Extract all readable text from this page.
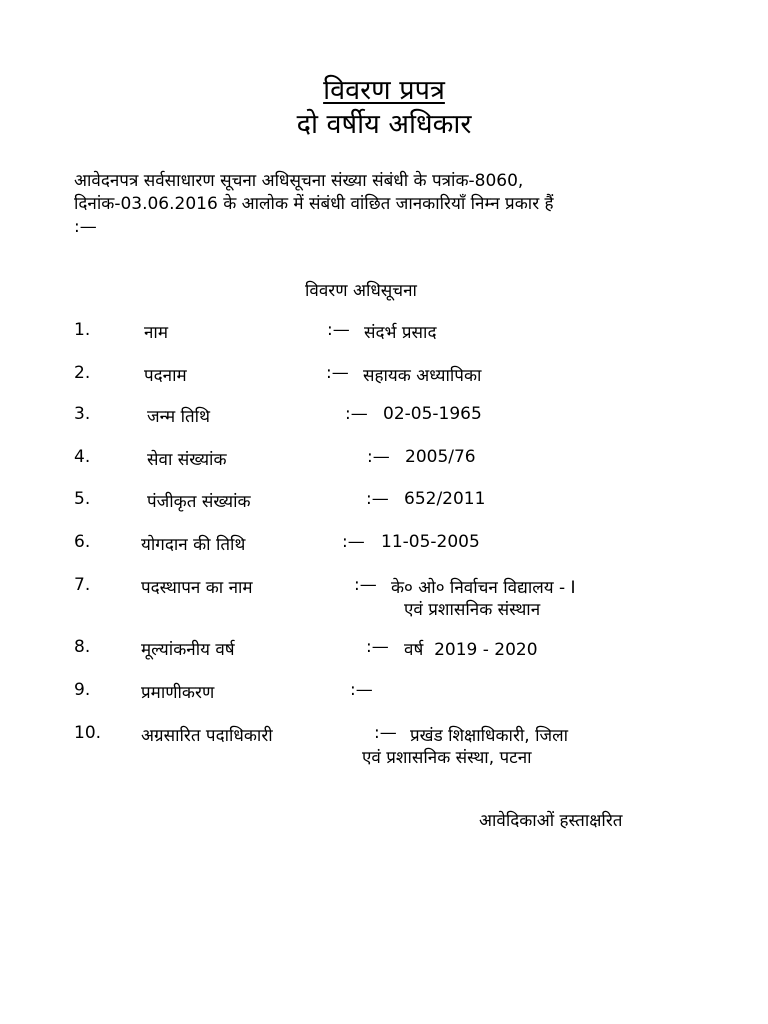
विवरण प्रपत्र
दो वर्षीय अधिकार
आवेदनपत्र सर्वसाधारण सूचना अधिसूचना संख्या संबंधी के पत्रांक-8060,
दिनांक-03.06.2016 के आलोक में संबंधी वांछित जानकारियाँ निम्न प्रकार हैं
:—
विवरण अधिसूचना
1.	नाम	:— संदर्भ प्रसाद
2.	पदनाम	:— सहायक अध्यापिका
3.	जन्म तिथि	:— 02-05-1965
4.	सेवा संख्यांक	:— 2005/76
5.	पंजीकृत संख्यांक	:— 652/2011
6.	योगदान की तिथि	:— 11-05-2005
7.	पदस्थापन का नाम	:— के० ओ० निर्वाचन विद्यालय - I
एवं प्रशासनिक संस्थान
8.	मूल्यांकनीय वर्ष	:— वर्ष  2019 - 2020
9.	प्रमाणीकरण	:—
10. अग्रसारित पदाधिकारी	:— प्रखंड शिक्षाधिकारी, जिला
एवं प्रशासनिक संस्था, पटना
आवेदिकाओं हस्ताक्षरित
